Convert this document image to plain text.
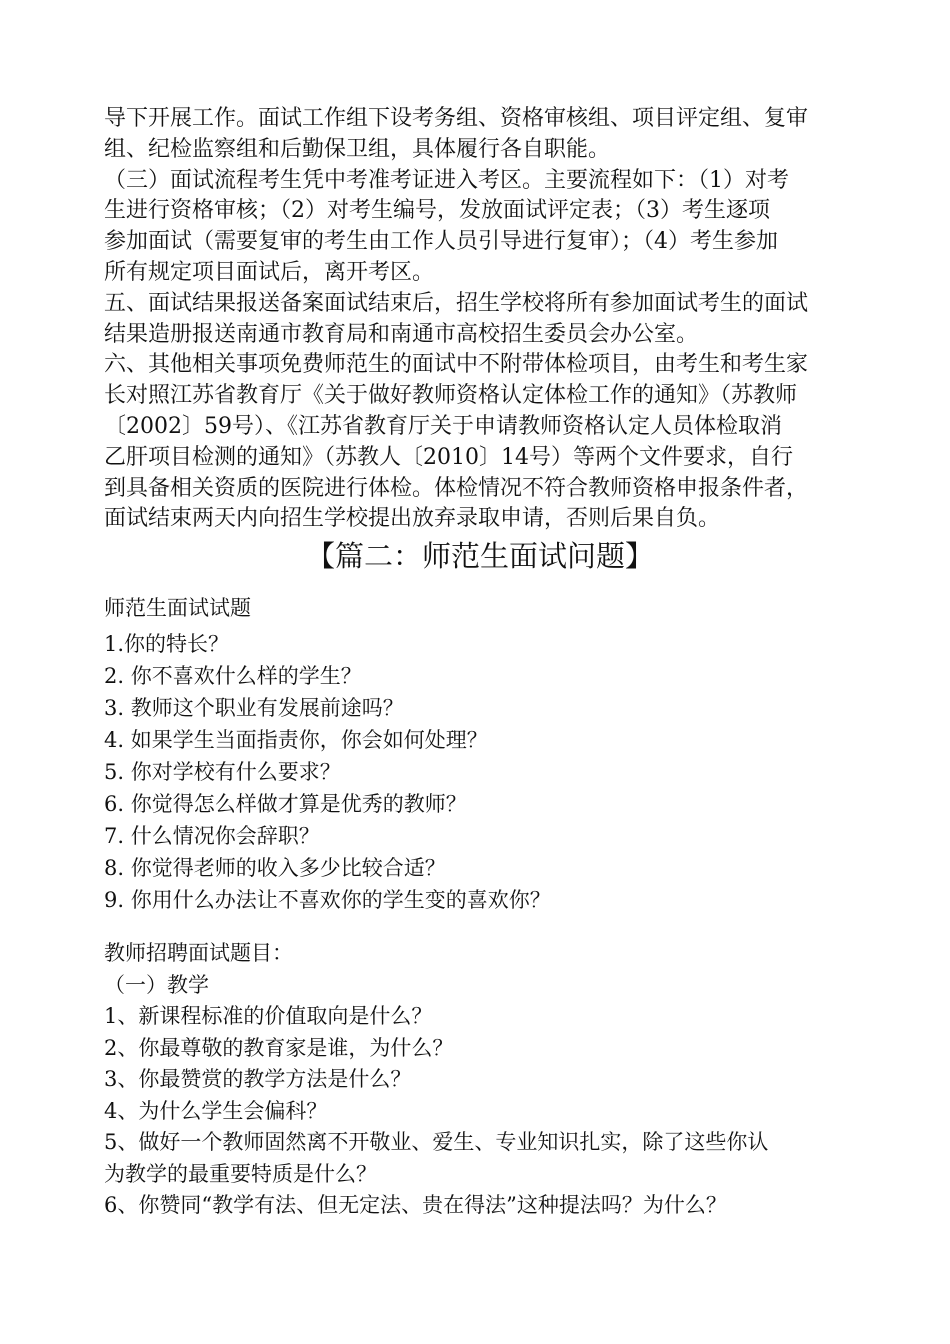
导下开展工作。面试工作组下设考务组、资格审核组、项目评定组、复审

组、纪检监察组和后勤保卫组，具体履行各自职能。

（三）面试流程考生凭中考准考证进入考区。主要流程如下：（1）对考

生进行资格审核；（2）对考生编号，发放面试评定表；（3）考生逐项

参加面试（需要复审的考生由工作人员引导进行复审）；（4）考生参加

所有规定项目面试后，离开考区。

五、面试结果报送备案面试结束后，招生学校将所有参加面试考生的面试

结果造册报送南通市教育局和南通市高校招生委员会办公室。

六、其他相关事项免费师范生的面试中不附带体检项目，由考生和考生家

长对照江苏省教育厅《关于做好教师资格认定体检工作的通知》（苏教师

〔2002〕59号）、《江苏省教育厅关于申请教师资格认定人员体检取消

乙肝项目检测的通知》（苏教人〔2010〕14号）等两个文件要求，自行

到具备相关资质的医院进行体检。体检情况不符合教师资格申报条件者，

面试结束两天内向招生学校提出放弃录取申请，否则后果自负。

【篇二：师范生面试问题】

师范生面试试题

1.你的特长？

2. 你不喜欢什么样的学生？

3. 教师这个职业有发展前途吗？

4. 如果学生当面指责你，你会如何处理？

5. 你对学校有什么要求？

6. 你觉得怎么样做才算是优秀的教师？

7. 什么情况你会辞职？

8. 你觉得老师的收入多少比较合适？

9. 你用什么办法让不喜欢你的学生变的喜欢你？

教师招聘面试题目：

（一）教学

1、新课程标准的价值取向是什么？

2、你最尊敬的教育家是谁，为什么？

3、你最赞赏的教学方法是什么？

4、为什么学生会偏科？

5、做好一个教师固然离不开敬业、爱生、专业知识扎实，除了这些你认

为教学的最重要特质是什么？

6、你赞同“教学有法、但无定法、贵在得法”这种提法吗？为什么？
